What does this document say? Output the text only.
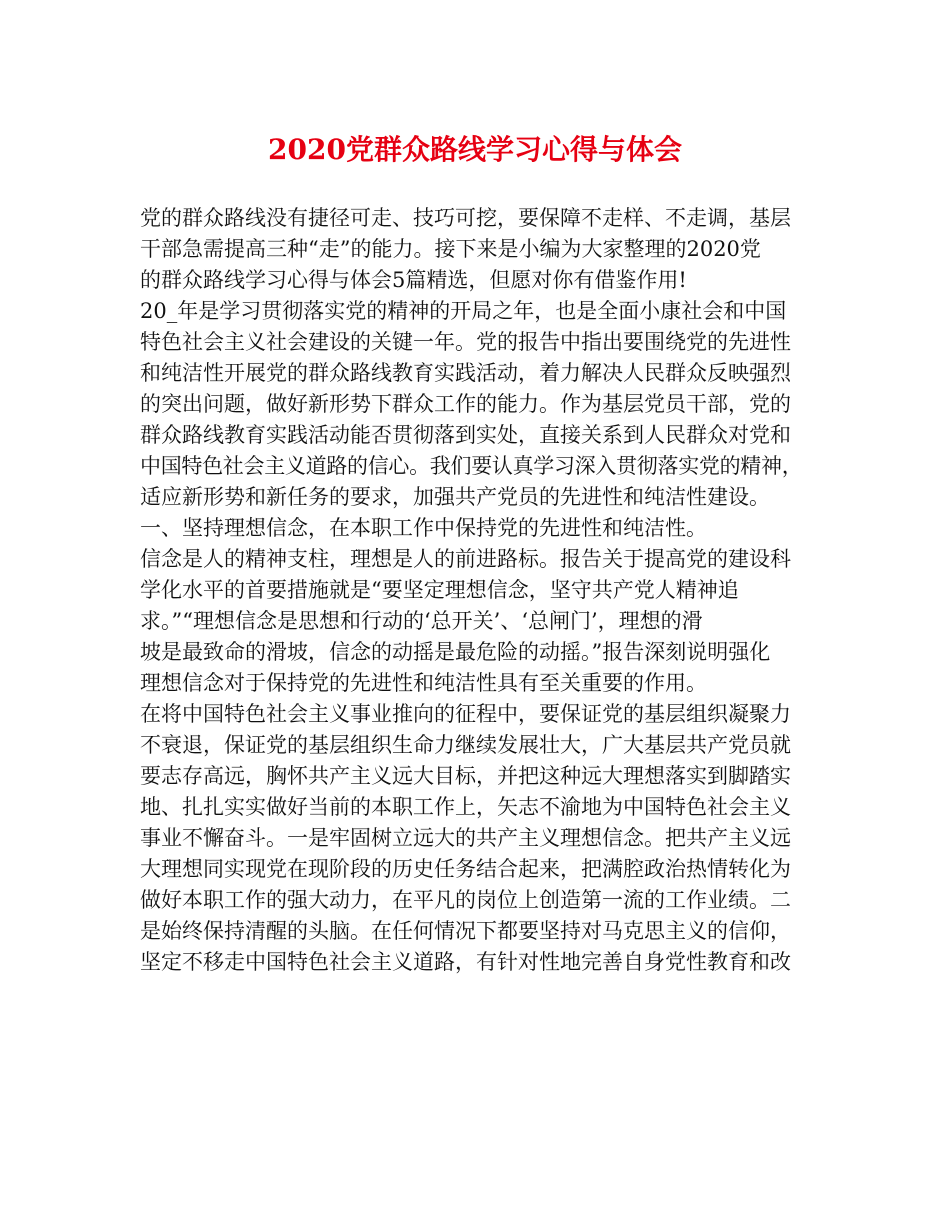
2020党群众路线学习心得与体会
党的群众路线没有捷径可走、技巧可挖，要保障不走样、不走调，基层
干部急需提高三种“走”的能力。接下来是小编为大家整理的2020党
的群众路线学习心得与体会5篇精选，但愿对你有借鉴作用!
20_年是学习贯彻落实党的精神的开局之年，也是全面小康社会和中国
特色社会主义社会建设的关键一年。党的报告中指出要围绕党的先进性
和纯洁性开展党的群众路线教育实践活动，着力解决人民群众反映强烈
的突出问题，做好新形势下群众工作的能力。作为基层党员干部，党的
群众路线教育实践活动能否贯彻落到实处，直接关系到人民群众对党和
中国特色社会主义道路的信心。我们要认真学习深入贯彻落实党的精神，
适应新形势和新任务的要求，加强共产党员的先进性和纯洁性建设。
一、坚持理想信念，在本职工作中保持党的先进性和纯洁性。
信念是人的精神支柱，理想是人的前进路标。报告关于提高党的建设科
学化水平的首要措施就是“要坚定理想信念，坚守共产党人精神追
求。”“理想信念是思想和行动的‘总开关’、‘总闸门’，理想的滑
坡是最致命的滑坡，信念的动摇是最危险的动摇。”报告深刻说明强化
理想信念对于保持党的先进性和纯洁性具有至关重要的作用。
在将中国特色社会主义事业推向的征程中，要保证党的基层组织凝聚力
不衰退，保证党的基层组织生命力继续发展壮大，广大基层共产党员就
要志存高远，胸怀共产主义远大目标，并把这种远大理想落实到脚踏实
地、扎扎实实做好当前的本职工作上，矢志不渝地为中国特色社会主义
事业不懈奋斗。一是牢固树立远大的共产主义理想信念。把共产主义远
大理想同实现党在现阶段的历史任务结合起来，把满腔政治热情转化为
做好本职工作的强大动力，在平凡的岗位上创造第一流的工作业绩。二
是始终保持清醒的头脑。在任何情况下都要坚持对马克思主义的信仰，
坚定不移走中国特色社会主义道路，有针对性地完善自身党性教育和改
